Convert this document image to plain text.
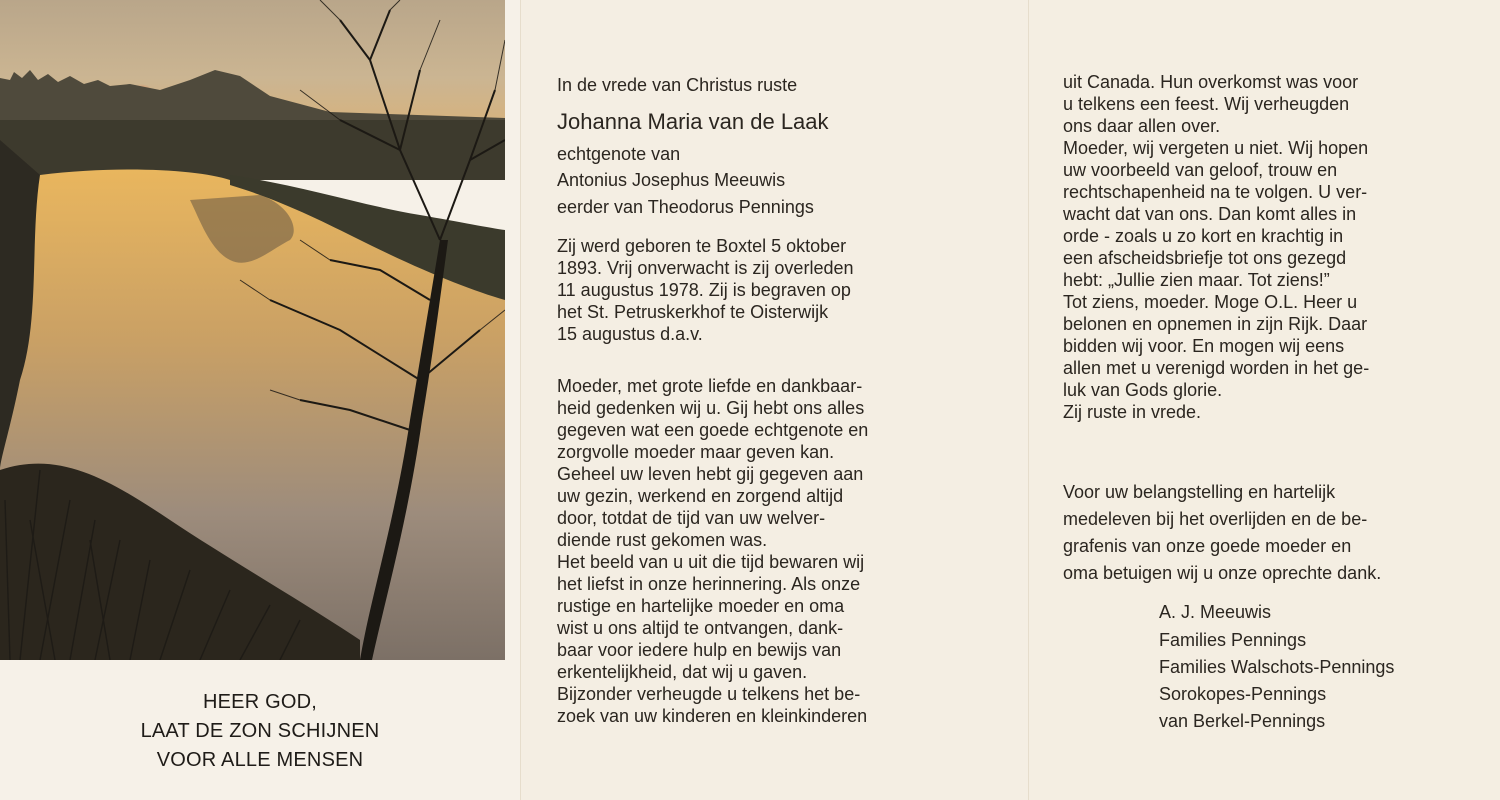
HEER GOD,
LAAT DE ZON SCHIJNEN
VOOR ALLE MENSEN
In de vrede van Christus ruste
Johanna Maria van de Laak
echtgenote van
Antonius Josephus Meeuwis
eerder van Theodorus Pennings
Zij werd geboren te Boxtel 5 oktober
1893. Vrij onverwacht is zij overleden
11 augustus 1978. Zij is begraven op
het St. Petruskerkhof te Oisterwijk
15 augustus d.a.v.
Moeder, met grote liefde en dankbaar-
heid gedenken wij u. Gij hebt ons alles
gegeven wat een goede echtgenote en
zorgvolle moeder maar geven kan.
Geheel uw leven hebt gij gegeven aan
uw gezin, werkend en zorgend altijd
door, totdat de tijd van uw welver-
diende rust gekomen was.
Het beeld van u uit die tijd bewaren wij
het liefst in onze herinnering. Als onze
rustige en hartelijke moeder en oma
wist u ons altijd te ontvangen, dank-
baar voor iedere hulp en bewijs van
erkentelijkheid, dat wij u gaven.
Bijzonder verheugde u telkens het be-
zoek van uw kinderen en kleinkinderen
uit Canada. Hun overkomst was voor
u telkens een feest. Wij verheugden
ons daar allen over.
Moeder, wij vergeten u niet. Wij hopen
uw voorbeeld van geloof, trouw en
rechtschapenheid na te volgen. U ver-
wacht dat van ons. Dan komt alles in
orde - zoals u zo kort en krachtig in
een afscheidsbriefje tot ons gezegd
hebt: „Jullie zien maar. Tot ziens!”
Tot ziens, moeder. Moge O.L. Heer u
belonen en opnemen in zijn Rijk. Daar
bidden wij voor. En mogen wij eens
allen met u verenigd worden in het ge-
luk van Gods glorie.
Zij ruste in vrede.
Voor uw belangstelling en hartelijk
medeleven bij het overlijden en de be-
grafenis van onze goede moeder en
oma betuigen wij u onze oprechte dank.
A. J. Meeuwis
Families Pennings
Families Walschots-Pennings
Sorokopes-Pennings
van Berkel-Pennings
